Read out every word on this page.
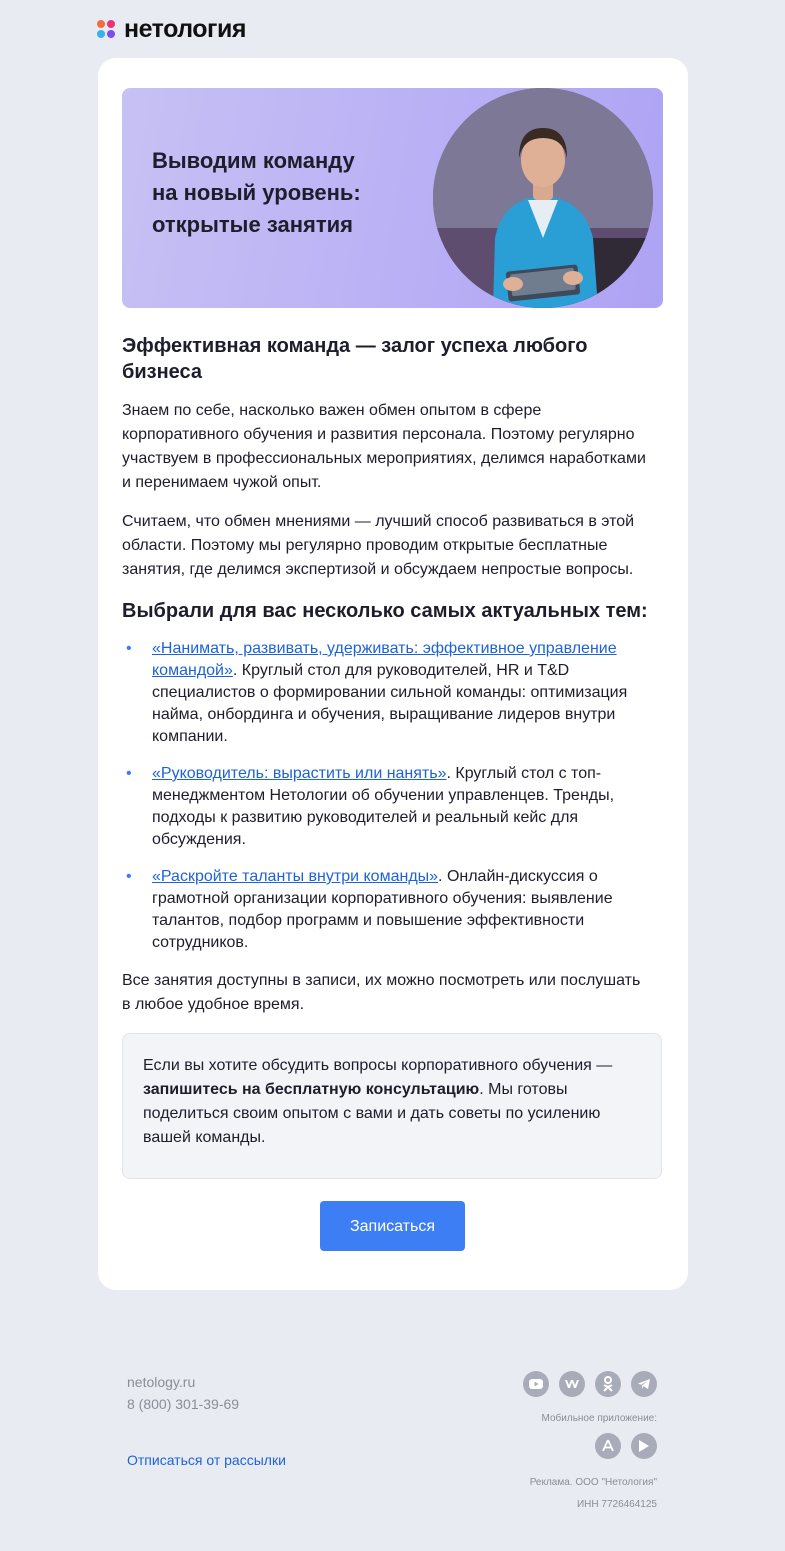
нетология
Выводим команду
на новый уровень:
открытые занятия
Эффективная команда — залог успеха любого бизнеса

Знаем по себе, насколько важен обмен опытом в сфере корпоративного обучения и развития персонала. Поэтому регулярно участвуем в профессиональных мероприятиях, делимся наработками и перенимаем чужой опыт.

Считаем, что обмен мнениями — лучший способ развиваться в этой области. Поэтому мы регулярно проводим открытые бесплатные занятия, где делимся экспертизой и обсуждаем непростые вопросы.

Выбрали для вас несколько самых актуальных тем:
• «Нанимать, развивать, удерживать: эффективное управление командой». Круглый стол для руководителей, HR и T&D специалистов о формировании сильной команды: оптимизация найма, онбординга и обучения, выращивание лидеров внутри компании.
• «Руководитель: вырастить или нанять». Круглый стол с топ-менеджментом Нетологии об обучении управленцев. Тренды, подходы к развитию руководителей и реальный кейс для обсуждения.
• «Раскройте таланты внутри команды». Онлайн-дискуссия о грамотной организации корпоративного обучения: выявление талантов, подбор программ и повышение эффективности сотрудников.

Все занятия доступны в записи, их можно посмотреть или послушать в любое удобное время.

Если вы хотите обсудить вопросы корпоративного обучения — запишитесь на бесплатную консультацию. Мы готовы поделиться своим опытом с вами и дать советы по усилению вашей команды.

Записаться
netology.ru
8 (800) 301-39-69
Отписаться от рассылки
Мобильное приложение:
Реклама. ООО "Нетология"
ИНН 7726464125
